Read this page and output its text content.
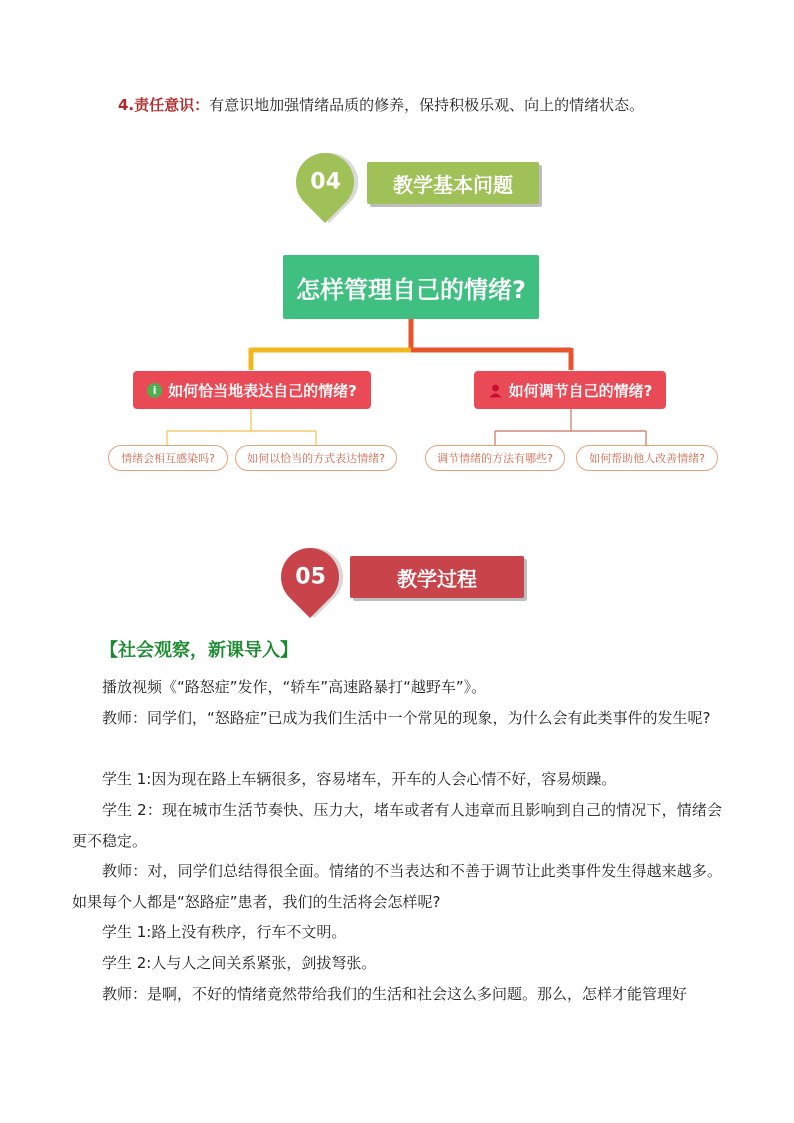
4.责任意识：有意识地加强情绪品质的修养，保持积极乐观、向上的情绪状态。
04	教学基本问题
怎样管理自己的情绪?
i 如何恰当地表达自己的情绪?	如何调节自己的情绪?
情绪会相互感染吗?	如何以恰当的方式表达情绪?	调节情绪的方法有哪些?	如何帮助他人改善情绪?
05	教学过程
【社会观察，新课导入】
播放视频《“路怒症”发作，“轿车”高速路暴打“越野车”》。
教师：同学们，“怒路症”已成为我们生活中一个常见的现象，为什么会有此类事件的发生呢?
学生 1:因为现在路上车辆很多，容易堵车，开车的人会心情不好，容易烦躁。
学生 2：现在城市生活节奏快、压力大，堵车或者有人违章而且影响到自己的情况下，情绪会更不稳定。
教师：对，同学们总结得很全面。情绪的不当表达和不善于调节让此类事件发生得越来越多。如果每个人都是“怒路症”患者，我们的生活将会怎样呢?
学生 1:路上没有秩序，行车不文明。
学生 2:人与人之间关系紧张，剑拔弩张。
教师：是啊，不好的情绪竟然带给我们的生活和社会这么多问题。那么，怎样才能管理好
